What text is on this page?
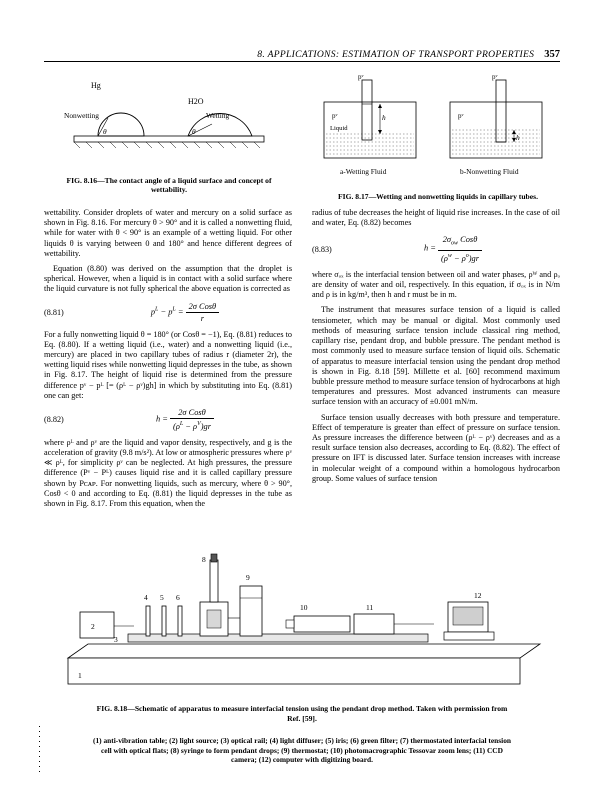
8. APPLICATIONS: ESTIMATION OF TRANSPORT PROPERTIES 357
Hg
H2O
Nonwetting	Wetting
θ	θ
FIG. 8.16—The contact angle of a liquid surface and concept of wettability.
h
pᵛ
pᵛ
Liquid
a-Wetting Fluid
h
pᵛ
pᵛ
b-Nonwetting Fluid
FIG. 8.17—Wetting and nonwetting liquids in capillary tubes.

wettability. Consider droplets of water and mercury on a solid surface as shown in Fig. 8.16. For mercury θ > 90° and it is called a nonwetting fluid, while for water with θ < 90° is an example of a wetting liquid. For other liquids θ is varying between 0 and 180° and hence different degrees of wettability.

Equation (8.80) was derived on the assumption that the droplet is spherical. However, when a liquid is in contact with a solid surface where the liquid curvature is not fully spherical the above equation is corrected as

(8.81)	$p^L - p^L = \frac{\text{2σ Cosθ}}{r}$

For a fully nonwetting liquid θ = 180° (or Cosθ = −1), Eq. (8.81) reduces to Eq. (8.80). If a wetting liquid (i.e., water) and a nonwetting liquid (i.e., mercury) are placed in two capillary tubes of radius r (diameter 2r), the wetting liquid rises while nonwetting liquid depresses in the tube, as shown in Fig. 8.17. The height of liquid rise is determined from the pressure difference pᵛ − pᴸ [= (ρᴸ − ρᵛ)gh] in which by substituting into Eq. (8.81) one can get:

(8.82)	$h = \frac{\text{2σ Cosθ}}{(\rho^L - \rho^V)gr}$

where ρᴸ and ρᵛ are the liquid and vapor density, respectively, and g is the acceleration of gravity (9.8 m/s²). At low or atmospheric pressures where ρᵛ ≪ ρᴸ, for simplicity ρᵛ can be neglected. At high pressures, the pressure difference (Pᵛ − Pᴸ) causes liquid rise and it is called capillary pressure shown by Pᴄᴀᴘ. For nonwetting liquids, such as mercury, where θ > 90°, Cosθ < 0 and according to Eq. (8.81) the liquid depresses in the tube as shown in Fig. 8.17. From this equation, when the

radius of tube decreases the height of liquid rise increases. In the case of oil and water, Eq. (8.82) becomes

(8.83)	$h = \frac{2\sigma_{ow} Cos\theta}{(\rho^w - \rho^o)gr}$

where σₒₓ is the interfacial tension between oil and water phases, ρᵂ and ρₒ are density of water and oil, respectively. In this equation, if σₒₓ is in N/m and ρ is in kg/m³, then h and r must be in m.

The instrument that measures surface tension of a liquid is called tensiometer, which may be manual or digital. Most commonly used methods of measuring surface tension include classical ring method, capillary rise, pendant drop, and bubble pressure. The pendant method is most commonly used to measure surface tension of liquid oils. Schematic of apparatus to measure interfacial tension using the pendant drop method is shown in Fig. 8.18 [59]. Millette et al. [60] recommend maximum bubble pressure method to measure surface tension of hydrocarbons at high temperatures and pressures. Most advanced instruments can measure surface tension with an accuracy of ±0.001 mN/m.

Surface tension usually decreases with both pressure and temperature. Effect of temperature is greater than effect of pressure on surface tension. As pressure increases the difference between (ρᴸ − ρᵛ) decreases and as a result surface tension also decreases, according to Eq. (8.82). The effect of pressure on IFT is discussed later. Surface tension increases with increase in molecular weight of a compound within a homologous hydrocarbon group. Some values of surface tension

1
3
2
4 5 6
8
9
10	11
12
FIG. 8.18—Schematic of apparatus to measure interfacial tension using the pendant drop method. Taken with permission from Ref. [59].
(1) anti-vibration table; (2) light source; (3) optical rail; (4) light diffuser; (5) iris; (6) green filter; (7) thermostated interfacial tension cell with optical flats; (8) syringe to form pendant drops; (9) thermostat; (10) photomacrographic Tessovar zoom lens; (11) CCD camera; (12) computer with digitizing board.
